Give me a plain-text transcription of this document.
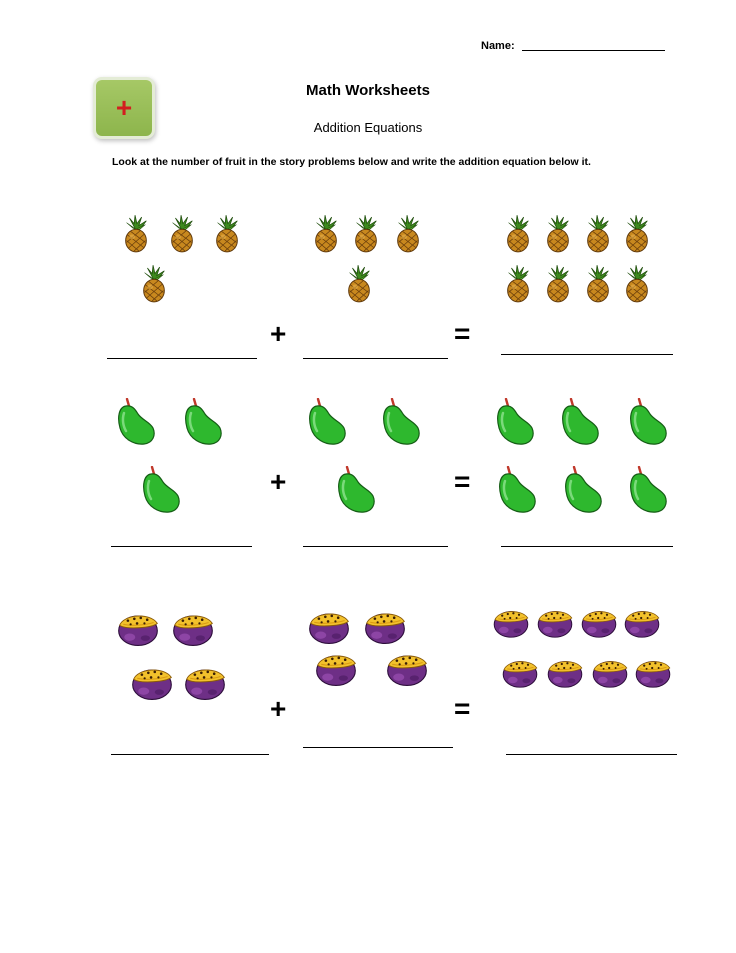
Name:
+
Math Worksheets
Addition Equations
Look at the number of fruit in the story problems below and write the addition equation below it.
+	=
+	=
+	=
